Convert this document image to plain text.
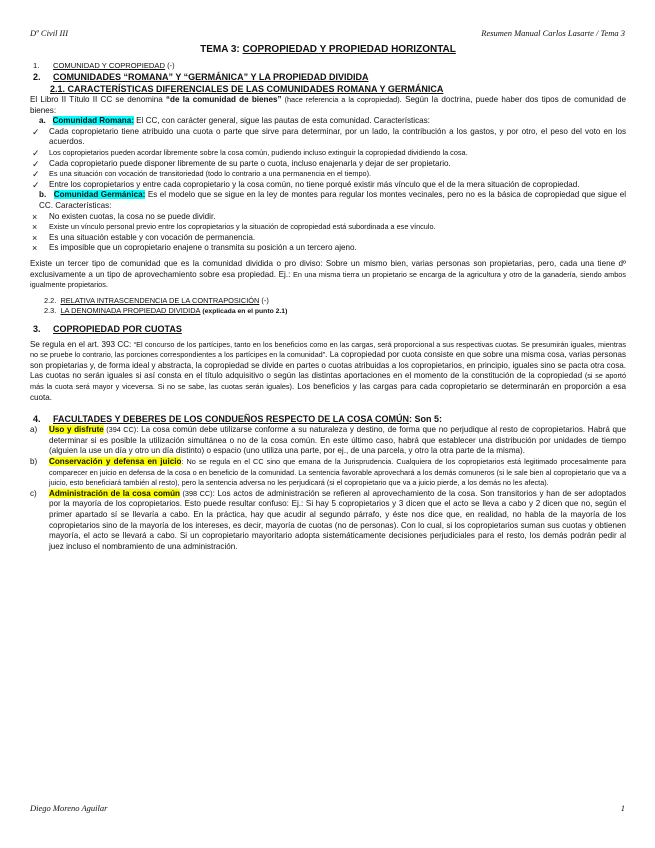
Dº Civil III	Resumen Manual Carlos Lasarte / Tema 3
TEMA 3: COPROPIEDAD Y PROPIEDAD HORIZONTAL
1. COMUNIDAD Y COPROPIEDAD (-)
2. COMUNIDADES “ROMANA” Y “GERMÁNICA” Y LA PROPIEDAD DIVIDIDA
2.1. CARACTERÍSTICAS DIFERENCIALES DE LAS COMUNIDADES ROMANA Y GERMÁNICA

El Libro II Título II CC se denomina “de la comunidad de bienes” (hace referencia a la copropiedad). Según la doctrina, puede haber dos tipos de comunidad de bienes:

a. Comunidad Romana: El CC, con carácter general, sigue las pautas de esta comunidad. Características:

✓ Cada copropietario tiene atribuido una cuota o parte que sirve para determinar, por un lado, la contribución a los gastos, y por otro, el peso del voto en los acuerdos.
✓ Los copropietarios pueden acordar libremente sobre la cosa común, pudiendo incluso extinguir la copropiedad dividiendo la cosa.
✓ Cada copropietario puede disponer libremente de su parte o cuota, incluso enajenarla y dejar de ser propietario.
✓ Es una situación con vocación de transitoriedad (todo lo contrario a una permanencia en el tiempo).
✓ Entre los copropietarios y entre cada copropietario y la cosa común, no tiene porqué existir más vínculo que el de la mera situación de copropiedad.

b. Comunidad Germánica: Es el modelo que se sigue en la ley de montes para regular los montes vecinales, pero no es la básica de copropiedad que sigue el CC. Características:

× No existen cuotas, la cosa no se puede dividir.
× Existe un vínculo personal previo entre los copropietarios y la situación de copropiedad está subordinada a ese vínculo.
× Es una situación estable y con vocación de permanencia.
× Es imposible que un copropietario enajene o transmita su posición a un tercero ajeno.

Existe un tercer tipo de comunidad que es la comunidad dividida o pro diviso: Sobre un mismo bien, varias personas son propietarias, pero, cada una tiene dº exclusivamente a un tipo de aprovechamiento sobre esa propiedad. Ej.: En una misma tierra un propietario se encarga de la agricultura y otro de la ganadería, siendo ambos igualmente propietarios.

2.2. RELATIVA INTRASCENDENCIA DE LA CONTRAPOSICIÓN (-)
2.3. LA DENOMINADA PROPIEDAD DIVIDIDA (explicada en el punto 2.1)
3. COPROPIEDAD POR CUOTAS

Se regula en el art. 393 CC: “El concurso de los partícipes, tanto en los beneficios como en las cargas, será proporcional a sus respectivas cuotas. Se presumirán iguales, mientras no se pruebe lo contrario, las porciones correspondientes a los partícipes en la comunidad”. La copropiedad por cuota consiste en que sobre una misma cosa, varias personas son propietarias y, de forma ideal y abstracta, la copropiedad se divide en partes o cuotas atribuidas a los copropietarios, en principio, iguales sino se pacta otra cosa. Las cuotas no serán iguales si así consta en el título adquisitivo o según las distintas aportaciones en el momento de la constitución de la copropiedad (si se aportó más la cuota será mayor y viceversa. Si no se sabe, las cuotas serán iguales). Los beneficios y las cargas para cada copropietario se determinarán en proporción a esa cuota.

4. FACULTADES Y DEBERES DE LOS CONDUEÑOS RESPECTO DE LA COSA COMÚN: Son 5:
a) Uso y disfrute (394 CC): La cosa común debe utilizarse conforme a su naturaleza y destino, de forma que no perjudique al resto de copropietarios. Habrá que determinar si es posible la utilización simultánea o no de la cosa común. En este último caso, habrá que establecer una distribución por unidades de tiempo (alguien la use un día y otro un día distinto) o espacio (uno utiliza una parte, por ej., de una parcela, y otro la otra parte de la misma).
b) Conservación y defensa en juicio: No se regula en el CC sino que emana de la Jurisprudencia. Cualquiera de los copropietarios está legitimado procesalmente para comparecer en juicio en defensa de la cosa o en beneficio de la comunidad. La sentencia favorable aprovechará a los demás comuneros (si le sale bien al copropietario que va a juicio, esto beneficiará también al resto), pero la sentencia adversa no les perjudicará (si el copropietario que va a juicio pierde, a los demás no les afecta).
c) Administración de la cosa común (398 CC): Los actos de administración se refieren al aprovechamiento de la cosa. Son transitorios y han de ser adoptados por la mayoría de los copropietarios. Esto puede resultar confuso: Ej.: Si hay 5 copropietarios y 3 dicen que el acto se lleva a cabo y 2 dicen que no, según el primer apartado sí se llevaría a cabo. En la práctica, hay que acudir al segundo párrafo, y éste nos dice que, en realidad, no habla de la mayoría de los copropietarios sino de la mayoría de los intereses, es decir, mayoría de cuotas (no de personas). Con lo cual, si los copropietarios suman sus cuotas y obtienen mayoría, el acto se llevará a cabo. Si un copropietario mayoritario adopta sistemáticamente decisiones perjudiciales para el resto, los demás podrán pedir al juez incluso el nombramiento de una administración.
Diego Moreno Aguilar	1
